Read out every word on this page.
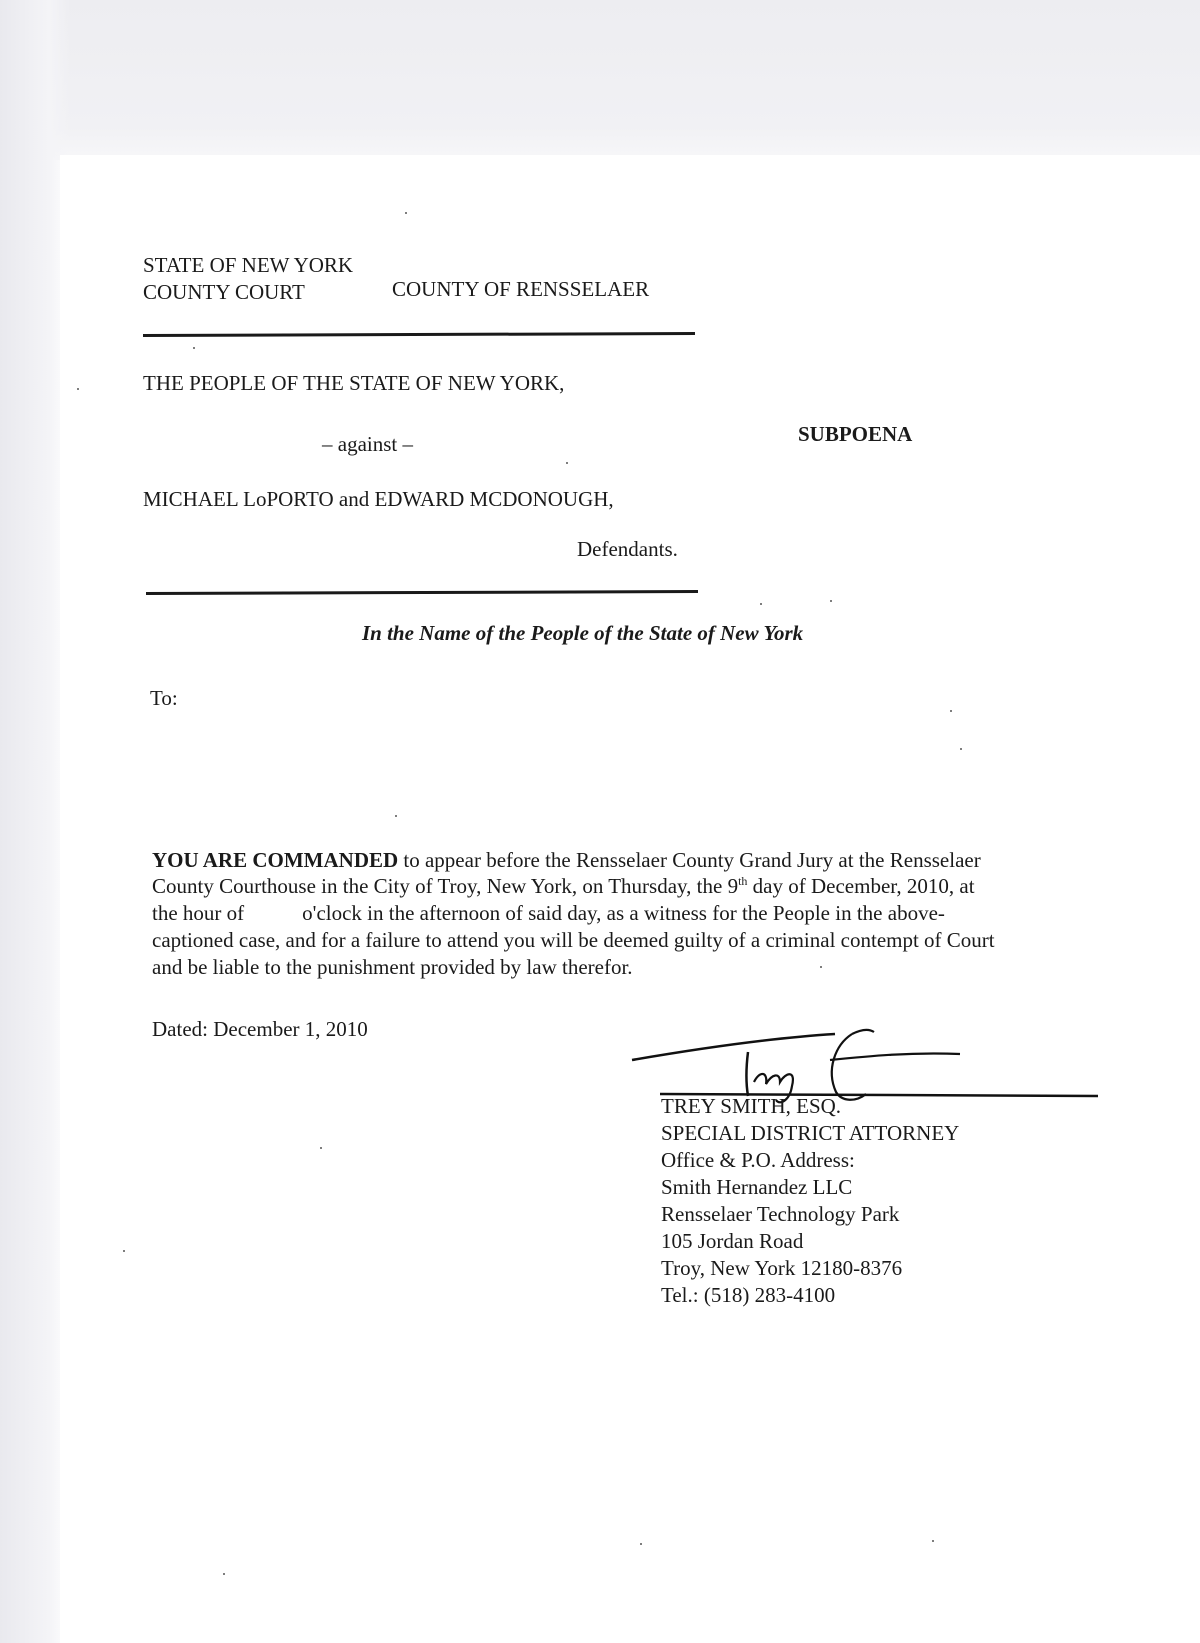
STATE OF NEW YORK

COUNTY COURT	COUNTY OF RENSSELAER

THE PEOPLE OF THE STATE OF NEW YORK,

– against –	SUBPOENA

MICHAEL LoPORTO and EDWARD MCDONOUGH,

Defendants.

In the Name of the People of the State of New York

To:

YOU ARE COMMANDED to appear before the Rensselaer County Grand Jury at the Rensselaer

County Courthouse in the City of Troy, New York, on Thursday, the 9th day of December, 2010, at

the hour of	o'clock in the afternoon of said day, as a witness for the People in the above-

captioned case, and for a failure to attend you will be deemed guilty of a criminal contempt of Court

and be liable to the punishment provided by law therefor.

Dated: December 1, 2010

TREY SMITH, ESQ.

SPECIAL DISTRICT ATTORNEY

Office & P.O. Address:

Smith Hernandez LLC

Rensselaer Technology Park

105 Jordan Road

Troy, New York 12180-8376

Tel.: (518) 283-4100
